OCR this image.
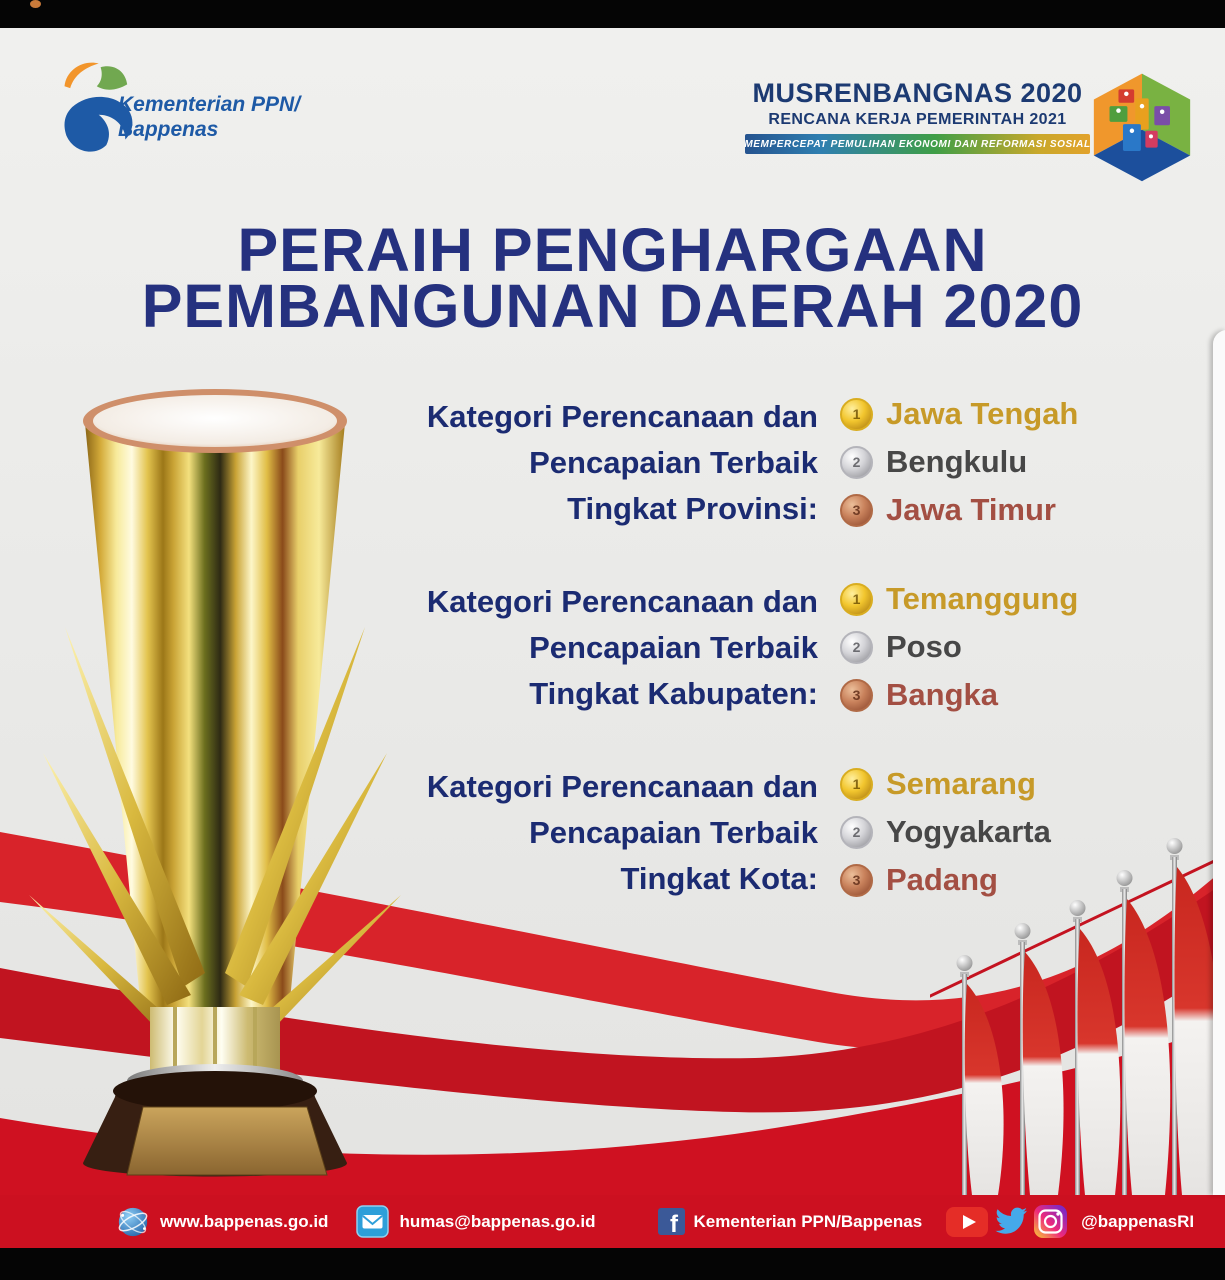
Kementerian PPN/
Bappenas
MUSRENBANGNAS 2020
RENCANA KERJA PEMERINTAH 2021
MEMPERCEPAT PEMULIHAN EKONOMI DAN REFORMASI SOSIAL
PERAIH PENGHARGAAN
PEMBANGUNAN DAERAH 2020
Kategori Perencanaan dan
Pencapaian Terbaik
Tingkat Provinsi:
1 Jawa Tengah
2 Bengkulu
3 Jawa Timur
Kategori Perencanaan dan
Pencapaian Terbaik
Tingkat Kabupaten:
1 Temanggung
2 Poso
3 Bangka
Kategori Perencanaan dan
Pencapaian Terbaik
Tingkat Kota:
1 Semarang
2 Yogyakarta
3 Padang
www.bappenas.go.id	humas@bappenas.go.id	f Kementerian PPN/Bappenas	@bappenasRI
